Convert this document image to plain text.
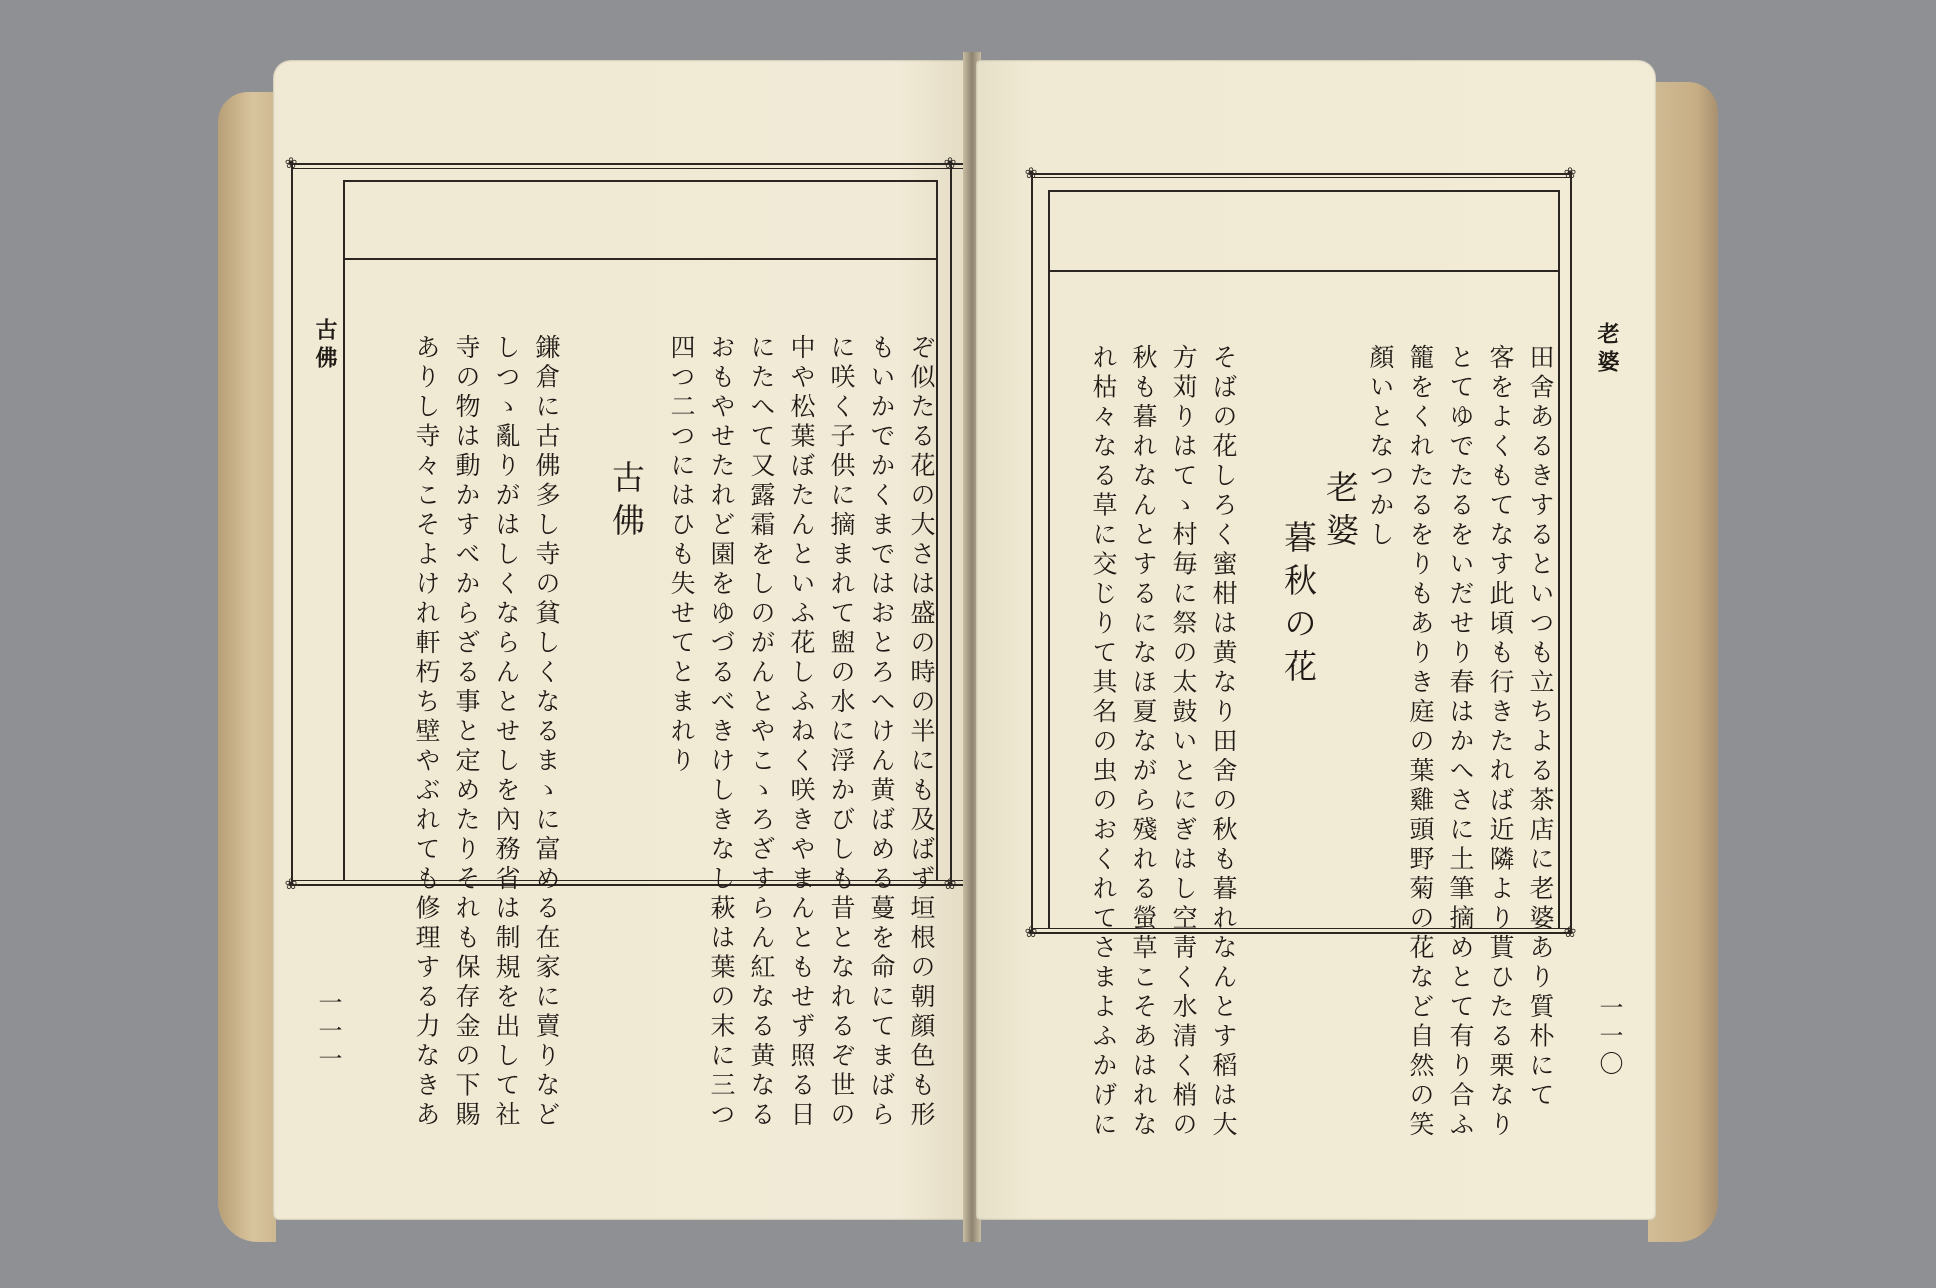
❀	❀
❀	❀
古佛
一一一	ぞ似たる花の大さは盛の時の半にも及ばず垣根の朝顔色も形
もいかでかくまではおとろへけん黄ばめる蔓を命にてまばら
に咲く子供に摘まれて盥の水に浮かびしも昔となれるぞ世の
中や松葉ぼたんといふ花しふねく咲きやまんともせず照る日
にたへて又露霜をしのがんとやこゝろざすらん紅なる黄なる
おもやせたれど園をゆづるべきけしきなし萩は葉の末に三つ
四つ二つにはひも失せてとまれり
古佛
鎌倉に古佛多し寺の貧しくなるまゝに富める在家に賣りなど
しつゝ亂りがはしくならんとせしを內務省は制規を出して社
寺の物は動かすべからざる事と定めたりそれも保存金の下賜
ありし寺々こそよけれ軒朽ち壁やぶれても修理する力なきあ
❀	❀
❀	❀
老婆
一一〇
田舍あるきするといつも立ちよる茶店に老婆あり質朴にて
客をよくもてなす此頃も行きたれば近隣より貰ひたる栗なり
とてゆでたるをいだせり春はかへさに土筆摘めとて有り合ふ
籠をくれたるをりもありき庭の葉雞頭野菊の花など自然の笑
顏いとなつかし
老婆
暮秋の花
そばの花しろく蜜柑は黄なり田舍の秋も暮れなんとす稻は大
方苅りはてゝ村毎に祭の太鼓いとにぎはし空靑く水清く梢の
秋も暮れなんとするになほ夏ながら殘れる螢草こそあはれな
れ枯々なる草に交じりて其名の虫のおくれてさまよふかげに
